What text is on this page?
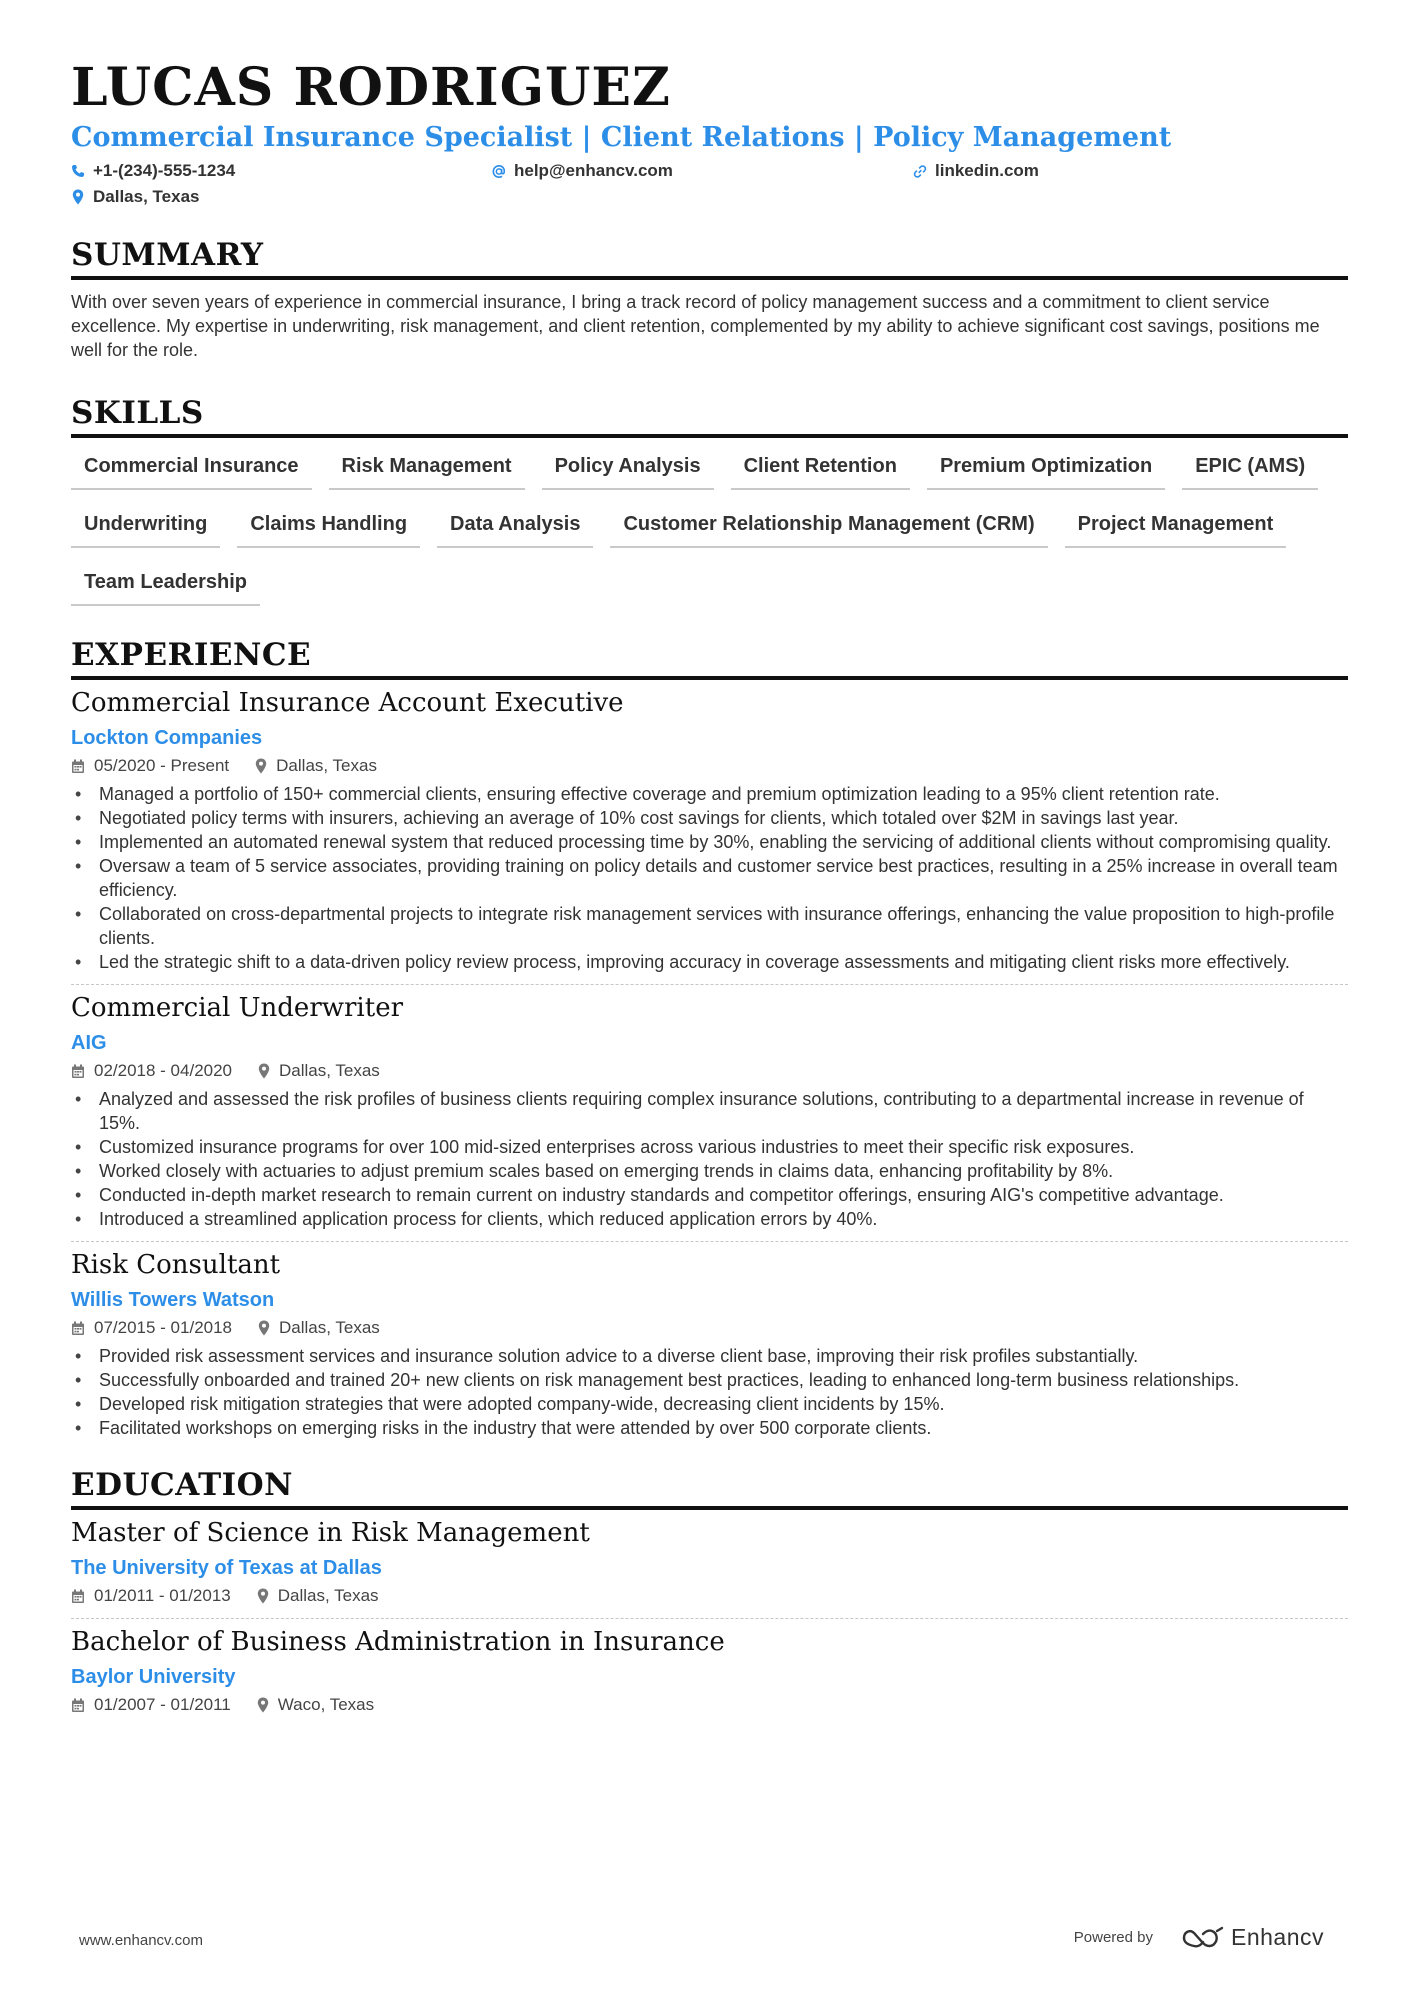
LUCAS RODRIGUEZ
Commercial Insurance Specialist | Client Relations | Policy Management
+1-(234)-555-1234	help@enhancv.com	linkedin.com
Dallas, Texas
SUMMARY
With over seven years of experience in commercial insurance, I bring a track record of policy management success and a commitment to client service excellence. My expertise in underwriting, risk management, and client retention, complemented by my ability to achieve significant cost savings, positions me well for the role.
SKILLS
Commercial Insurance	Risk Management	Policy Analysis	Client Retention	Premium Optimization	EPIC (AMS)
Underwriting	Claims Handling	Data Analysis	Customer Relationship Management (CRM)	Project Management
Team Leadership
EXPERIENCE
Commercial Insurance Account Executive
Lockton Companies
05/2020 - Present	Dallas, Texas
• Managed a portfolio of 150+ commercial clients, ensuring effective coverage and premium optimization leading to a 95% client retention rate.
• Negotiated policy terms with insurers, achieving an average of 10% cost savings for clients, which totaled over $2M in savings last year.
• Implemented an automated renewal system that reduced processing time by 30%, enabling the servicing of additional clients without compromising quality.
• Oversaw a team of 5 service associates, providing training on policy details and customer service best practices, resulting in a 25% increase in overall team efficiency.
• Collaborated on cross-departmental projects to integrate risk management services with insurance offerings, enhancing the value proposition to high-profile clients.
• Led the strategic shift to a data-driven policy review process, improving accuracy in coverage assessments and mitigating client risks more effectively.
Commercial Underwriter
AIG
02/2018 - 04/2020	Dallas, Texas
• Analyzed and assessed the risk profiles of business clients requiring complex insurance solutions, contributing to a departmental increase in revenue of 15%.
• Customized insurance programs for over 100 mid-sized enterprises across various industries to meet their specific risk exposures.
• Worked closely with actuaries to adjust premium scales based on emerging trends in claims data, enhancing profitability by 8%.
• Conducted in-depth market research to remain current on industry standards and competitor offerings, ensuring AIG's competitive advantage.
• Introduced a streamlined application process for clients, which reduced application errors by 40%.
Risk Consultant
Willis Towers Watson
07/2015 - 01/2018	Dallas, Texas
• Provided risk assessment services and insurance solution advice to a diverse client base, improving their risk profiles substantially.
• Successfully onboarded and trained 20+ new clients on risk management best practices, leading to enhanced long-term business relationships.
• Developed risk mitigation strategies that were adopted company-wide, decreasing client incidents by 15%.
• Facilitated workshops on emerging risks in the industry that were attended by over 500 corporate clients.
EDUCATION
Master of Science in Risk Management
The University of Texas at Dallas
01/2011 - 01/2013	Dallas, Texas
Bachelor of Business Administration in Insurance
Baylor University
01/2007 - 01/2011	Waco, Texas
www.enhancv.com	Powered by	Enhancv
